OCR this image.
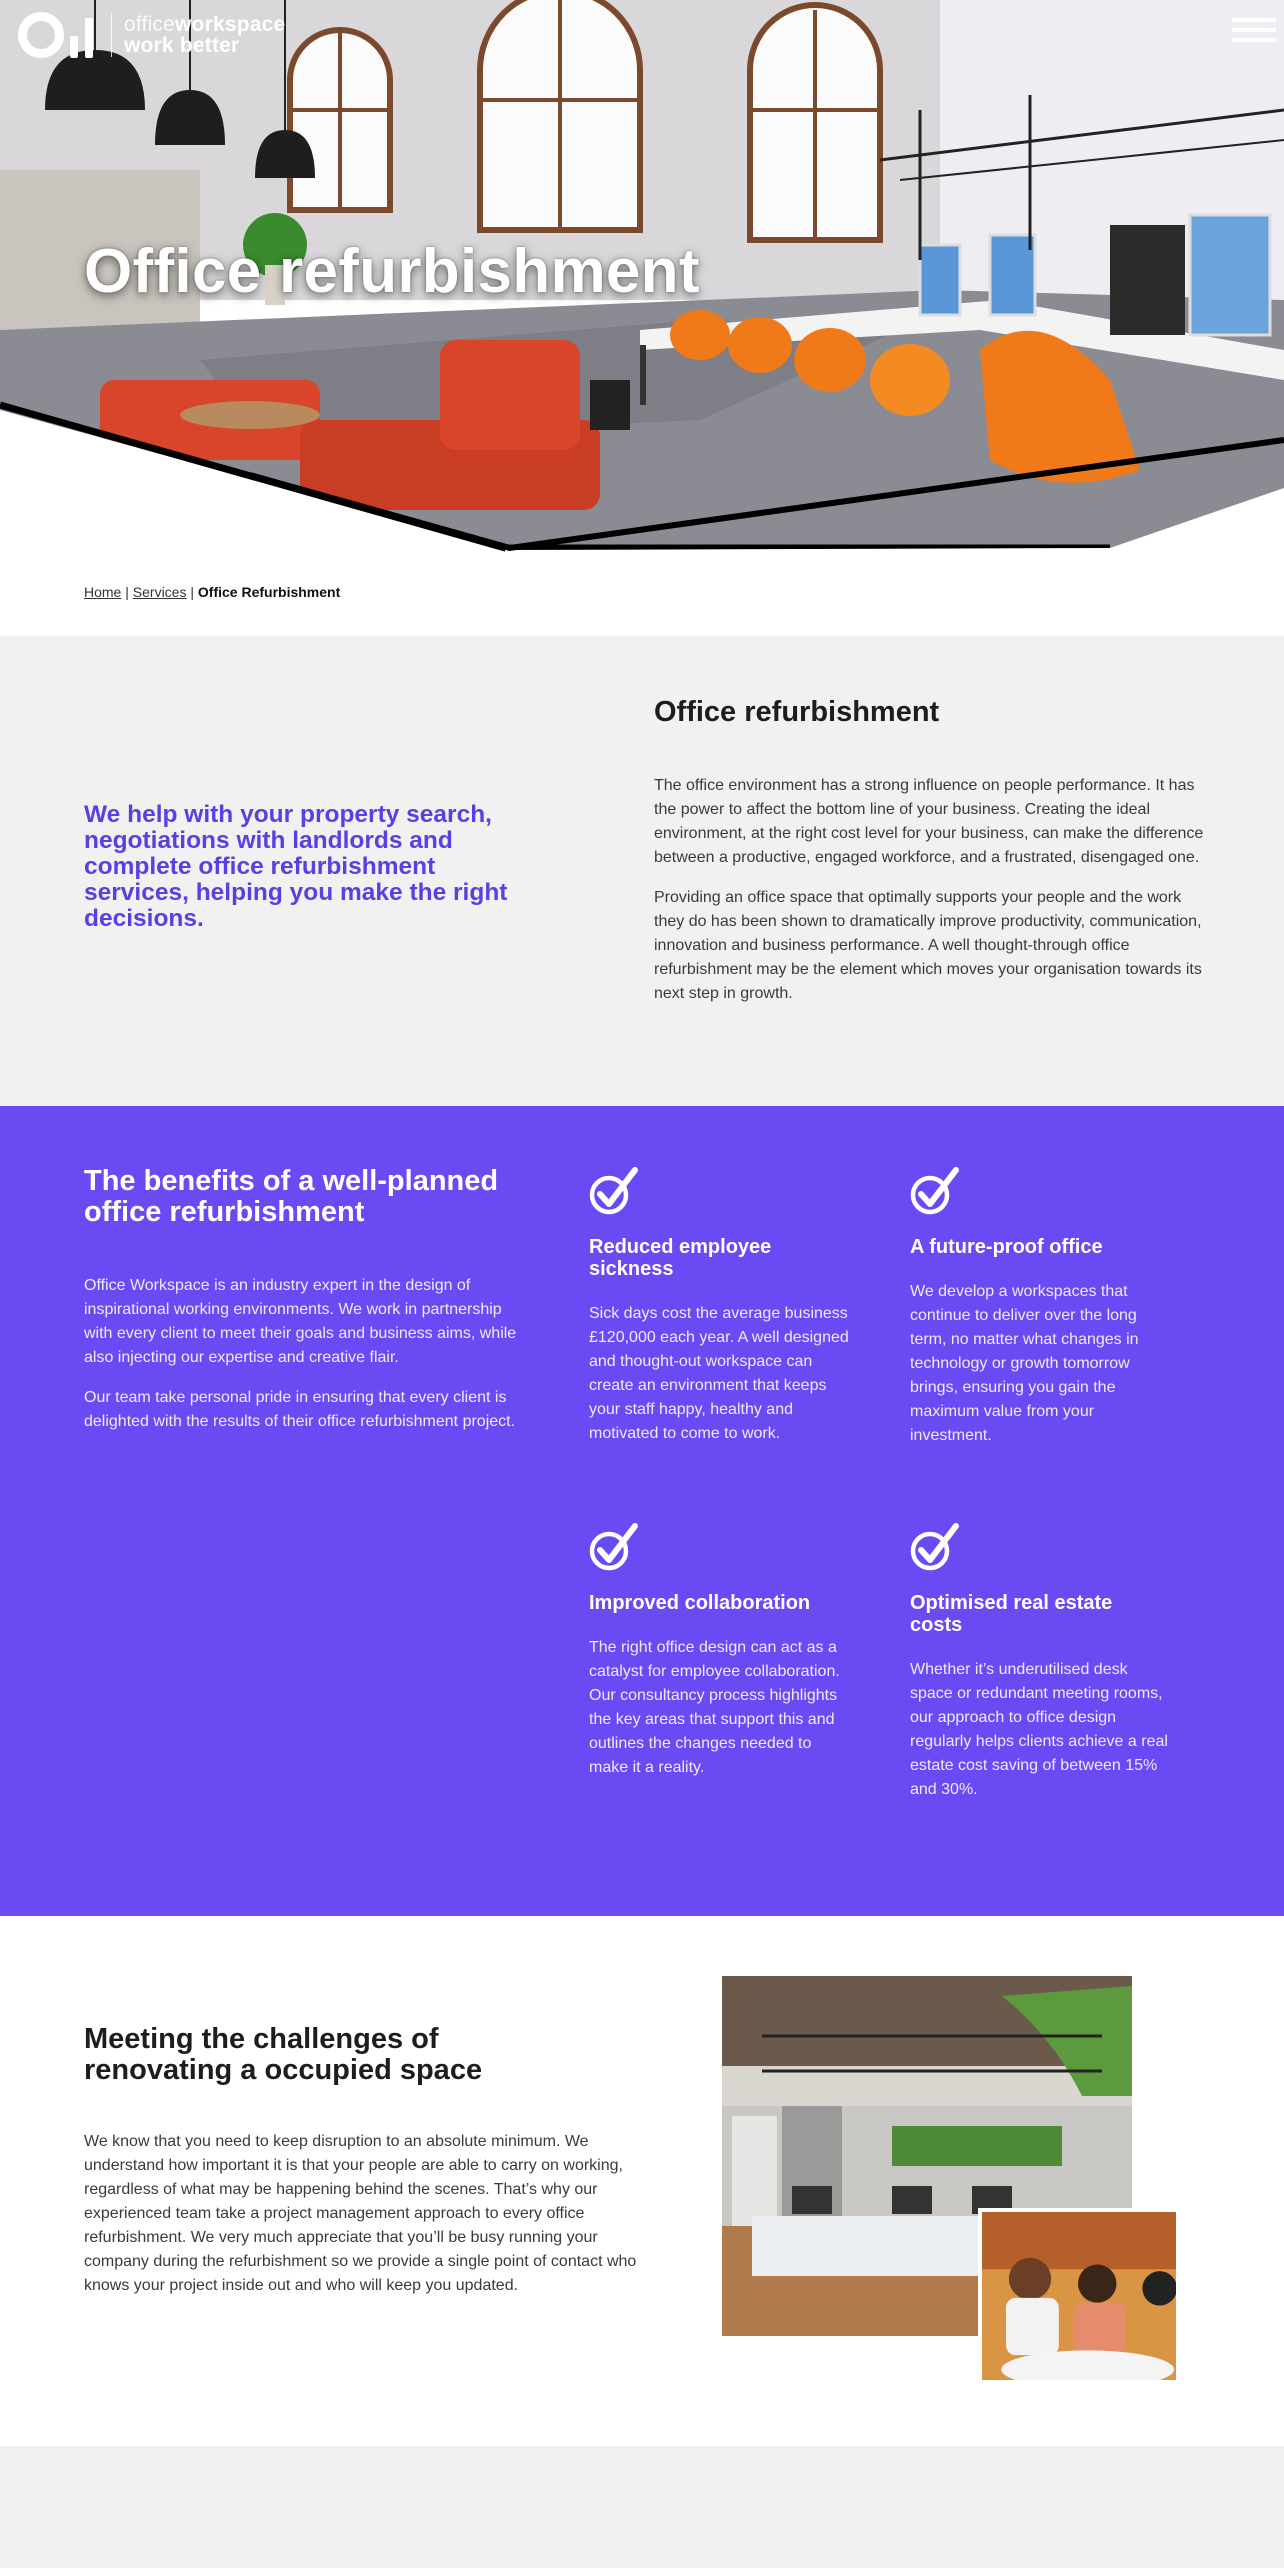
officeworkspace
work better
Office refurbishment
Home | Services | Office Refurbishment

We help with your property search, negotiations with landlords and complete office refurbishment services, helping you make the right decisions.

Office refurbishment

The office environment has a strong influence on people performance. It has the power to affect the bottom line of your business. Creating the ideal environment, at the right cost level for your business, can make the difference between a productive, engaged workforce, and a frustrated, disengaged one.

Providing an office space that optimally supports your people and the work they do has been shown to dramatically improve productivity, communication, innovation and business performance. A well thought-through office refurbishment may be the element which moves your organisation towards its next step in growth.

The benefits of a well-planned office refurbishment

Office Workspace is an industry expert in the design of inspirational working environments. We work in partnership with every client to meet their goals and business aims, while also injecting our expertise and creative flair.

Our team take personal pride in ensuring that every client is delighted with the results of their office refurbishment project.

Reduced employee sickness

Sick days cost the average business £120,000 each year. A well designed and thought-out workspace can create an environment that keeps your staff happy, healthy and motivated to come to work.

A future-proof office

We develop a workspaces that continue to deliver over the long term, no matter what changes in technology or growth tomorrow brings, ensuring you gain the maximum value from your investment.

Improved collaboration

The right office design can act as a catalyst for employee collaboration. Our consultancy process highlights the key areas that support this and outlines the changes needed to make it a reality.

Optimised real estate costs

Whether it’s underutilised desk space or redundant meeting rooms, our approach to office design regularly helps clients achieve a real estate cost saving of between 15% and 30%.

Meeting the challenges of renovating a occupied space

We know that you need to keep disruption to an absolute minimum. We understand how important it is that your people are able to carry on working, regardless of what may be happening behind the scenes. That’s why our experienced team take a project management approach to every office refurbishment. We very much appreciate that you’ll be busy running your company during the refurbishment so we provide a single point of contact who knows your project inside out and who will keep you updated.
